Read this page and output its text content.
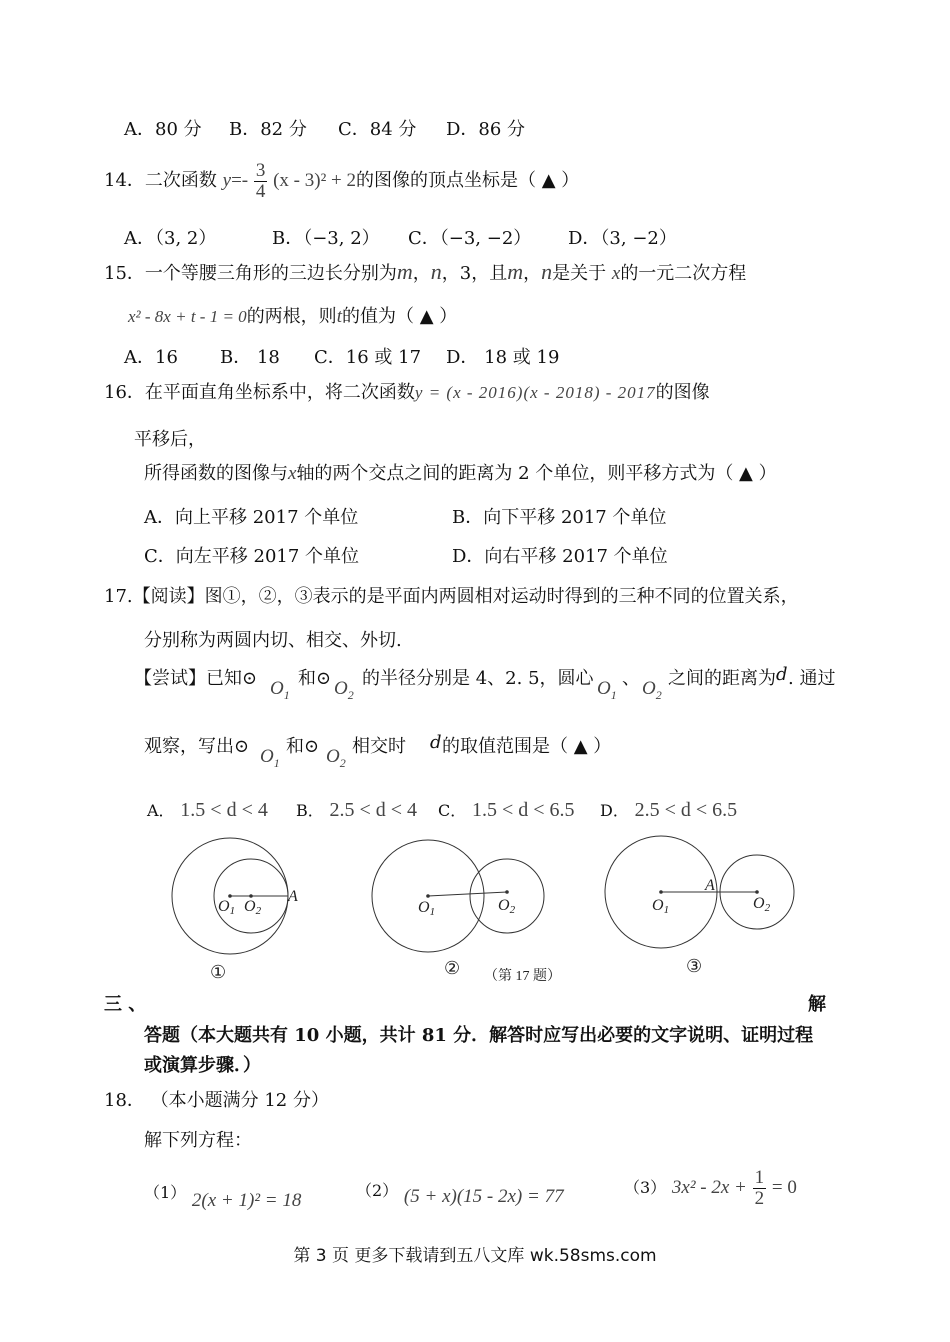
A．80 分 B．82 分 C．84 分 D．86 分
14．二次函数 $y=- \frac{3}{4} (x - 3)^2 + 2$的图像的顶点坐标是（ ▲ ）
A．（3, 2）	B．（−3, 2） C．（−3, −2） D．（3, −2）
15．一个等腰三角形的三边长分别为m，n，3，且m，n是关于 x的一元二次方程
x² - 8x + t - 1 = 0的两根，则t的值为（ ▲ ）
A．16 B． 18 C．16 或 17 D． 18 或 19
16．在平面直角坐标系中，将二次函数y = (x - 2016)(x - 2018) - 2017的图像
平移后，
所得函数的图像与x轴的两个交点之间的距离为 2 个单位，则平移方式为（ ▲ ）
A．向上平移 2017 个单位	B．向下平移 2017 个单位
C．向左平移 2017 个单位	D．向右平移 2017 个单位
17.【阅读】图①，②，③表示的是平面内两圆相对运动时得到的三种不同的位置关系，
分别称为两圆内切、相交、外切.
【尝试】已知⊙ $O_1$
和⊙ $O_2$
的半径分别是 4、2. 5，圆心 $O_1$
、 $O_2$
之间的距离为 d . 通过
观察，写出⊙ $O_1$
和⊙ $O_2$
相交时 d 的取值范围是（ ▲ ）
A． 1.5 < d < 4 B． 2.5 < d < 4 C． 1.5 < d < 6.5 D． 2.5 < d < 6.5
O1 O2
A
①
O1	O2
② （第 17 题）
O1	O2
A
③
三 、	解
答题（本大题共有 10 小题，共计 81 分．解答时应写出必要的文字说明、证明过程
或演算步骤．）
18． （本小题满分 12 分）
解下列方程：
（1） 2(x + 1)² = 18	（2） (5 + x)(15 - 2x) = 77	（3） $3x^2 - 2x + \frac{1}{2} = 0$
第 3 页 更多下载请到五八文库 wk.58sms.com
